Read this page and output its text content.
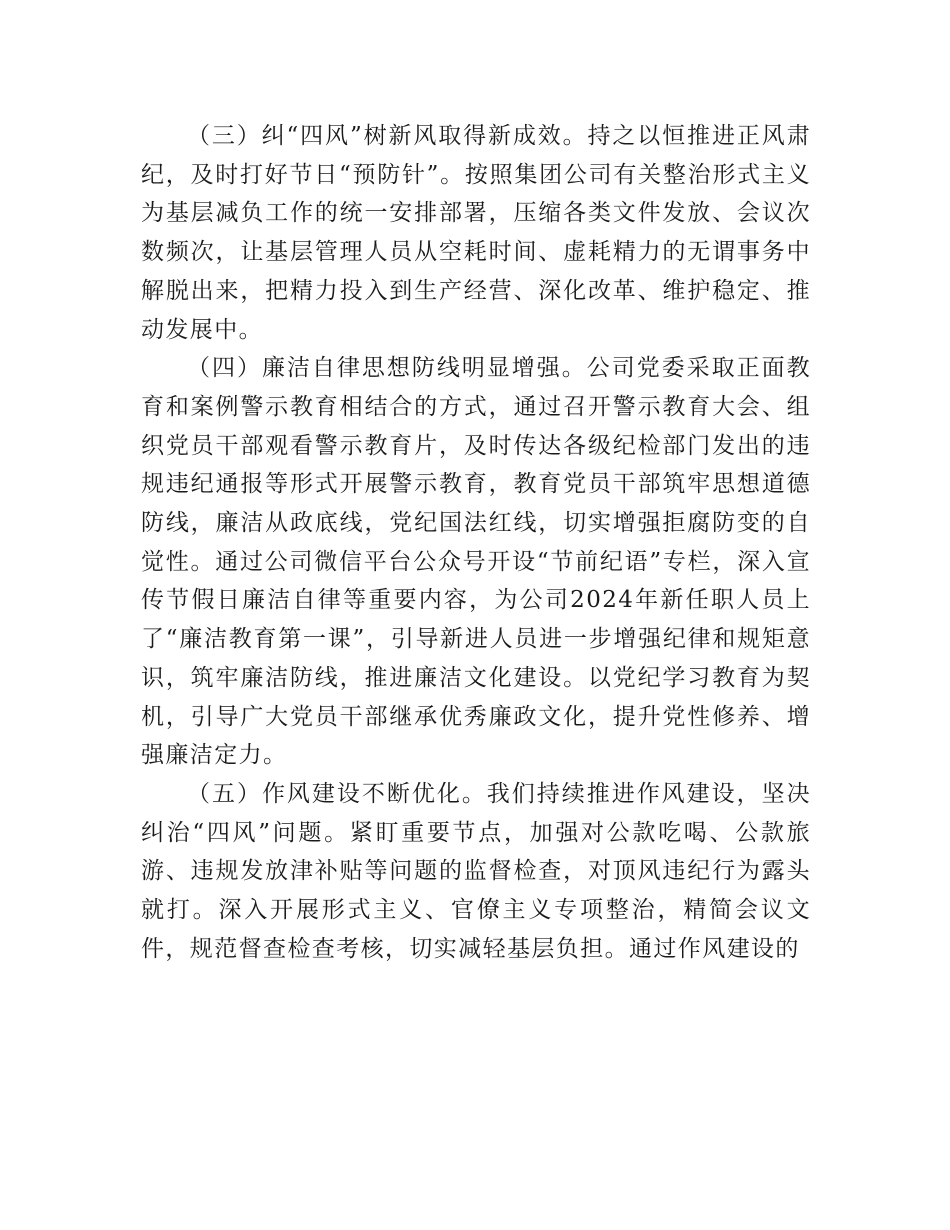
（三）纠“四风”树新风取得新成效。持之以恒推进正风肃纪，及时打好节日“预防针”。按照集团公司有关整治形式主义为基层减负工作的统一安排部署，压缩各类文件发放、会议次数频次，让基层管理人员从空耗时间、虚耗精力的无谓事务中解脱出来，把精力投入到生产经营、深化改革、维护稳定、推动发展中。

（四）廉洁自律思想防线明显增强。公司党委采取正面教育和案例警示教育相结合的方式，通过召开警示教育大会、组织党员干部观看警示教育片，及时传达各级纪检部门发出的违规违纪通报等形式开展警示教育，教育党员干部筑牢思想道德防线，廉洁从政底线，党纪国法红线，切实增强拒腐防变的自觉性。通过公司微信平台公众号开设“节前纪语”专栏，深入宣传节假日廉洁自律等重要内容，为公司2024年新任职人员上了“廉洁教育第一课”，引导新进人员进一步增强纪律和规矩意识，筑牢廉洁防线，推进廉洁文化建设。以党纪学习教育为契机，引导广大党员干部继承优秀廉政文化，提升党性修养、增强廉洁定力。

（五）作风建设不断优化。我们持续推进作风建设，坚决纠治“四风”问题。紧盯重要节点，加强对公款吃喝、公款旅游、违规发放津补贴等问题的监督检查，对顶风违纪行为露头就打。深入开展形式主义、官僚主义专项整治，精简会议文件，规范督查检查考核，切实减轻基层负担。通过作风建设的
